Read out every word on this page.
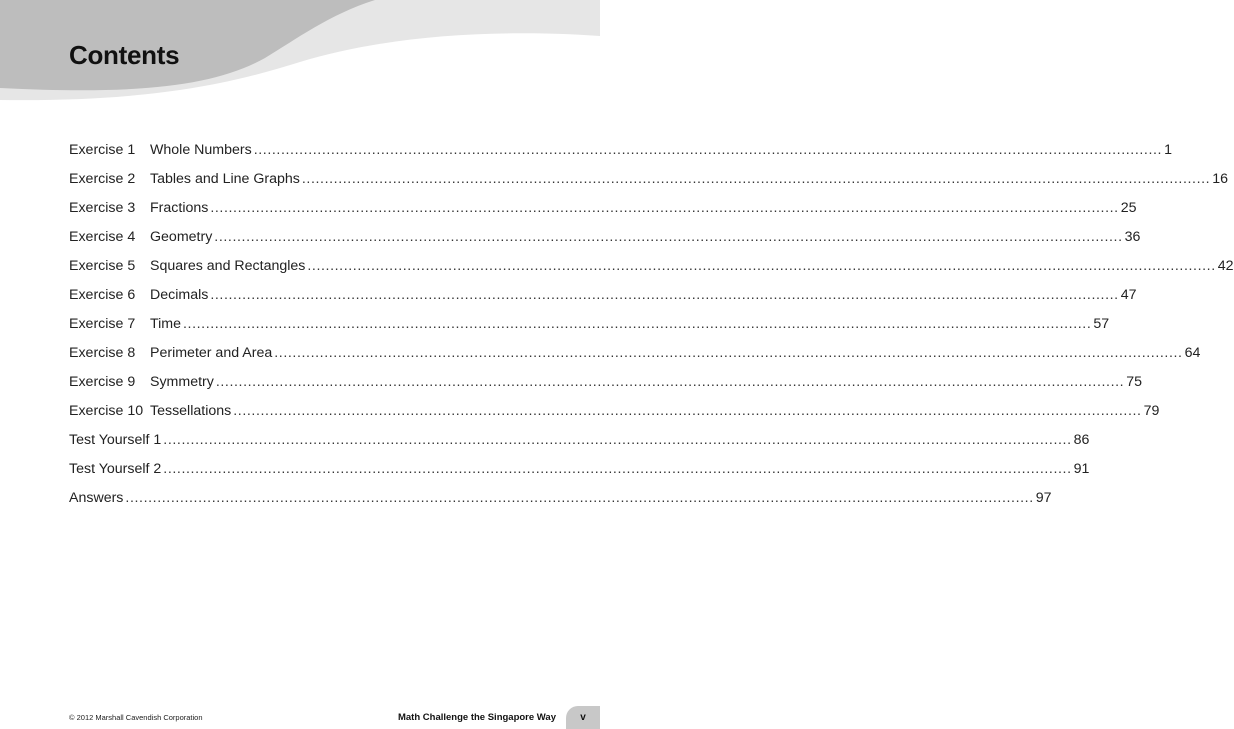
Contents
Exercise 1	Whole Numbers ........................................................................................................................................................................................................ 1
Exercise 2	Tables and Line Graphs ........................................................................................................................................................................................................ 16
Exercise 3	Fractions ........................................................................................................................................................................................................ 25
Exercise 4	Geometry ........................................................................................................................................................................................................ 36
Exercise 5	Squares and Rectangles ........................................................................................................................................................................................................ 42
Exercise 6	Decimals ........................................................................................................................................................................................................ 47
Exercise 7	Time ........................................................................................................................................................................................................ 57
Exercise 8	Perimeter and Area ........................................................................................................................................................................................................ 64
Exercise 9	Symmetry ........................................................................................................................................................................................................ 75
Exercise 10 Tessellations ........................................................................................................................................................................................................ 79
Test Yourself 1 ........................................................................................................................................................................................................ 86
Test Yourself 2 ........................................................................................................................................................................................................ 91
Answers ........................................................................................................................................................................................................ 97
© 2012 Marshall Cavendish Corporation	Math Challenge the Singapore Way v
